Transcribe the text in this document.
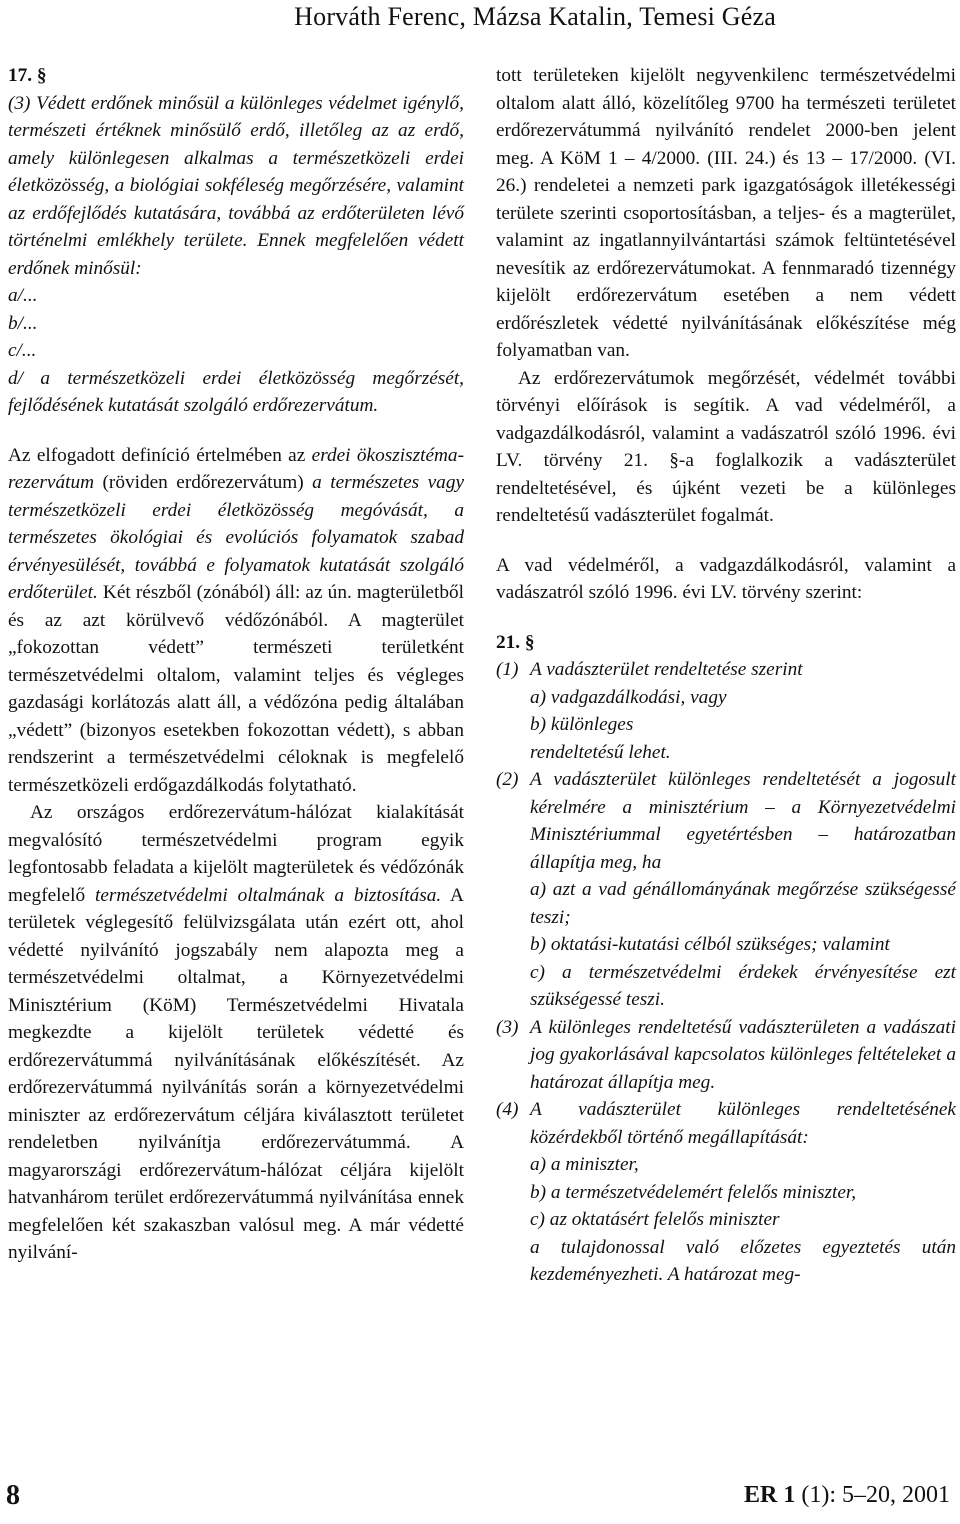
Horváth Ferenc, Mázsa Katalin, Temesi Géza
17. §
(3) Védett erdőnek minősül a különleges védelmet igénylő, természeti értéknek minősülő erdő, illetőleg az az erdő, amely különlegesen alkalmas a természetközeli erdei életközösség, a biológiai sokféleség megőrzésére, valamint az erdőfejlődés kutatására, továbbá az erdőterületen lévő történelmi emlékhely területe. Ennek megfelelően védett erdőnek minősül:
a/...
b/...
c/...
d/ a természetközeli erdei életközösség megőrzését, fejlődésének kutatását szolgáló erdőrezervátum.

Az elfogadott definíció értelmében az erdei ökoszisztéma-rezervátum (röviden erdőrezervátum) a természetes vagy természetközeli erdei életközösség megóvását, a természetes ökológiai és evolúciós folyamatok szabad érvényesülését, továbbá e folyamatok kutatását szolgáló erdőterület. Két részből (zónából) áll: az ún. magterületből és az azt körülvevő védőzónából. A magterület „fokozottan védett” természeti területként természetvédelmi oltalom, valamint teljes és végleges gazdasági korlátozás alatt áll, a védőzóna pedig általában „védett” (bizonyos esetekben fokozottan védett), s abban rendszerint a természetvédelmi céloknak is megfelelő természetközeli erdőgazdálkodás folytatható.

Az országos erdőrezervátum-hálózat kialakítását megvalósító természetvédelmi program egyik legfontosabb feladata a kijelölt magterületek és védőzónák megfelelő természetvédelmi oltalmának a biztosítása. A területek véglegesítő felülvizsgálata után ezért ott, ahol védetté nyilvánító jogszabály nem alapozta meg a természetvédelmi oltalmat, a Környezetvédelmi Minisztérium (KöM) Természetvédelmi Hivatala megkezdte a kijelölt területek védetté és erdőrezervátummá nyilvánításának előkészítését. Az erdőrezervátummá nyilvánítás során a környezetvédelmi miniszter az erdőrezervátum céljára kiválasztott területet rendeletben nyilvánítja erdőrezervátummá. A magyarországi erdőrezervátum-hálózat céljára kijelölt hatvanhárom terület erdőrezervátummá nyilvánítása ennek megfelelően két szakaszban valósul meg. A már védetté nyilvání-

tott területeken kijelölt negyvenkilenc természetvédelmi oltalom alatt álló, közelítőleg 9700 ha természeti területet erdőrezervátummá nyilvánító rendelet 2000-ben jelent meg. A KöM 1 – 4/2000. (III. 24.) és 13 – 17/2000. (VI. 26.) rendeletei a nemzeti park igazgatóságok illetékességi területe szerinti csoportosításban, a teljes- és a magterület, valamint az ingatlannyilvántartási számok feltüntetésével nevesítik az erdőrezervátumokat. A fennmaradó tizennégy kijelölt erdőrezervátum esetében a nem védett erdőrészletek védetté nyilvánításának előkészítése még folyamatban van.

Az erdőrezervátumok megőrzését, védelmét további törvényi előírások is segítik. A vad védelméről, a vadgazdálkodásról, valamint a vadászatról szóló 1996. évi LV. törvény 21. §-a foglalkozik a vadászterület rendeltetésével, és újként vezeti be a különleges rendeltetésű vadászterület fogalmát.

A vad védelméről, a vadgazdálkodásról, valamint a vadászatról szóló 1996. évi LV. törvény szerint:

21. §
(1) A vadászterület rendeltetése szerint
a) vadgazdálkodási, vagy
b) különleges
rendeltetésű lehet.
(2) A vadászterület különleges rendeltetését a jogosult kérelmére a minisztérium – a Környezetvédelmi Minisztériummal egyetértésben – határozatban állapítja meg, ha
a) azt a vad génállományának megőrzése szükségessé teszi;
b) oktatási-kutatási célból szükséges; valamint
c) a természetvédelmi érdekek érvényesítése ezt szükségessé teszi.
(3) A különleges rendeltetésű vadászterületen a vadászati jog gyakorlásával kapcsolatos különleges feltételeket a határozat állapítja meg.
(4) A vadászterület különleges rendeltetésének közérdekből történő megállapítását:
a) a miniszter,
b) a természetvédelemért felelős miniszter,
c) az oktatásért felelős miniszter
a tulajdonossal való előzetes egyeztetés után kezdeményezheti. A határozat meg-
8	ER 1 (1): 5–20, 2001
